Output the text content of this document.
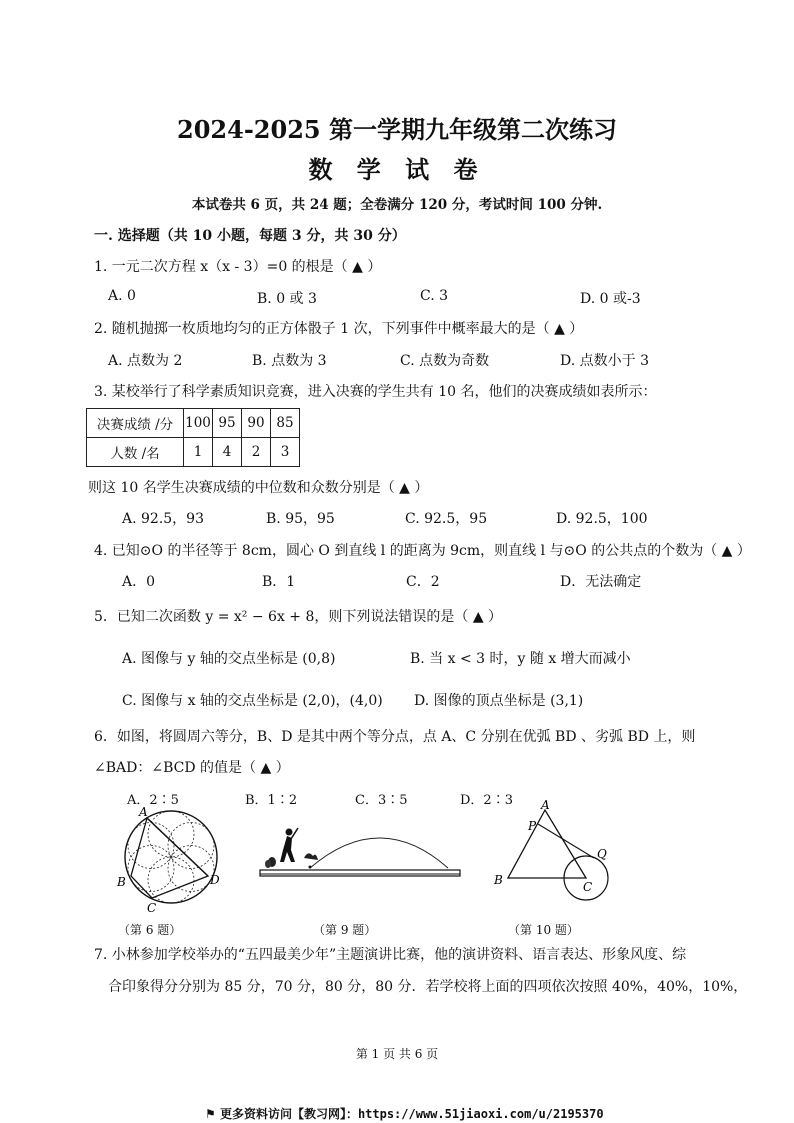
2024-2025 第一学期九年级第二次练习
数 学 试 卷
本试卷共 6 页，共 24 题；全卷满分 120 分，考试时间 100 分钟.
一. 选择题（共 10 小题，每题 3 分，共 30 分）
1. 一元二次方程 x（x - 3）=0 的根是（ ▲ ）
A. 0	B. 0 或 3	C. 3	D. 0 或-3
2. 随机抛掷一枚质地均匀的正方体骰子 1 次，下列事件中概率最大的是（ ▲ ）
A. 点数为 2	B. 点数为 3	C. 点数为奇数	D. 点数小于 3
3. 某校举行了科学素质知识竞赛，进入决赛的学生共有 10 名，他们的决赛成绩如表所示：
决赛成绩 /分	100	95	90	85
人数 /名	1	4	2	3
则这 10 名学生决赛成绩的中位数和众数分别是（ ▲ ）
A. 92.5，93	B. 95，95	C. 92.5，95	D. 92.5，100
4. 已知⊙O 的半径等于 8cm，圆心 O 到直线 l 的距离为 9cm，则直线 l 与⊙O 的公共点的个数为（ ▲ ）
A．0	B．1	C．2	D．无法确定
5．已知二次函数 y = x² − 6x + 8，则下列说法错误的是（ ▲ ）
A. 图像与 y 轴的交点坐标是 (0,8)	B. 当 x < 3 时，y 随 x 增大而减小
C. 图像与 x 轴的交点坐标是 (2,0)，(4,0) D. 图像的顶点坐标是 (3,1)
6．如图，将圆周六等分，B、D 是其中两个等分点，点 A、C 分别在优弧 BD 、劣弧 BD 上，则
∠BAD：∠BCD 的值是（ ▲ ）
A．2∶5	B．1∶2	C．3∶5	D．2∶3
A
B
C
D
（第 6 题）	（第 9 题）
A
P
Q
B	C
（第 10 题）
7. 小林参加学校举办的“五四最美少年”主题演讲比赛，他的演讲资料、语言表达、形象风度、综
合印象得分分别为 85 分，70 分，80 分，80 分．若学校将上面的四项依次按照 40%，40%，10%，
第 1 页 共 6 页
⚑ 更多资料访问【教习网】：https://www.51jiaoxi.com/u/2195370
